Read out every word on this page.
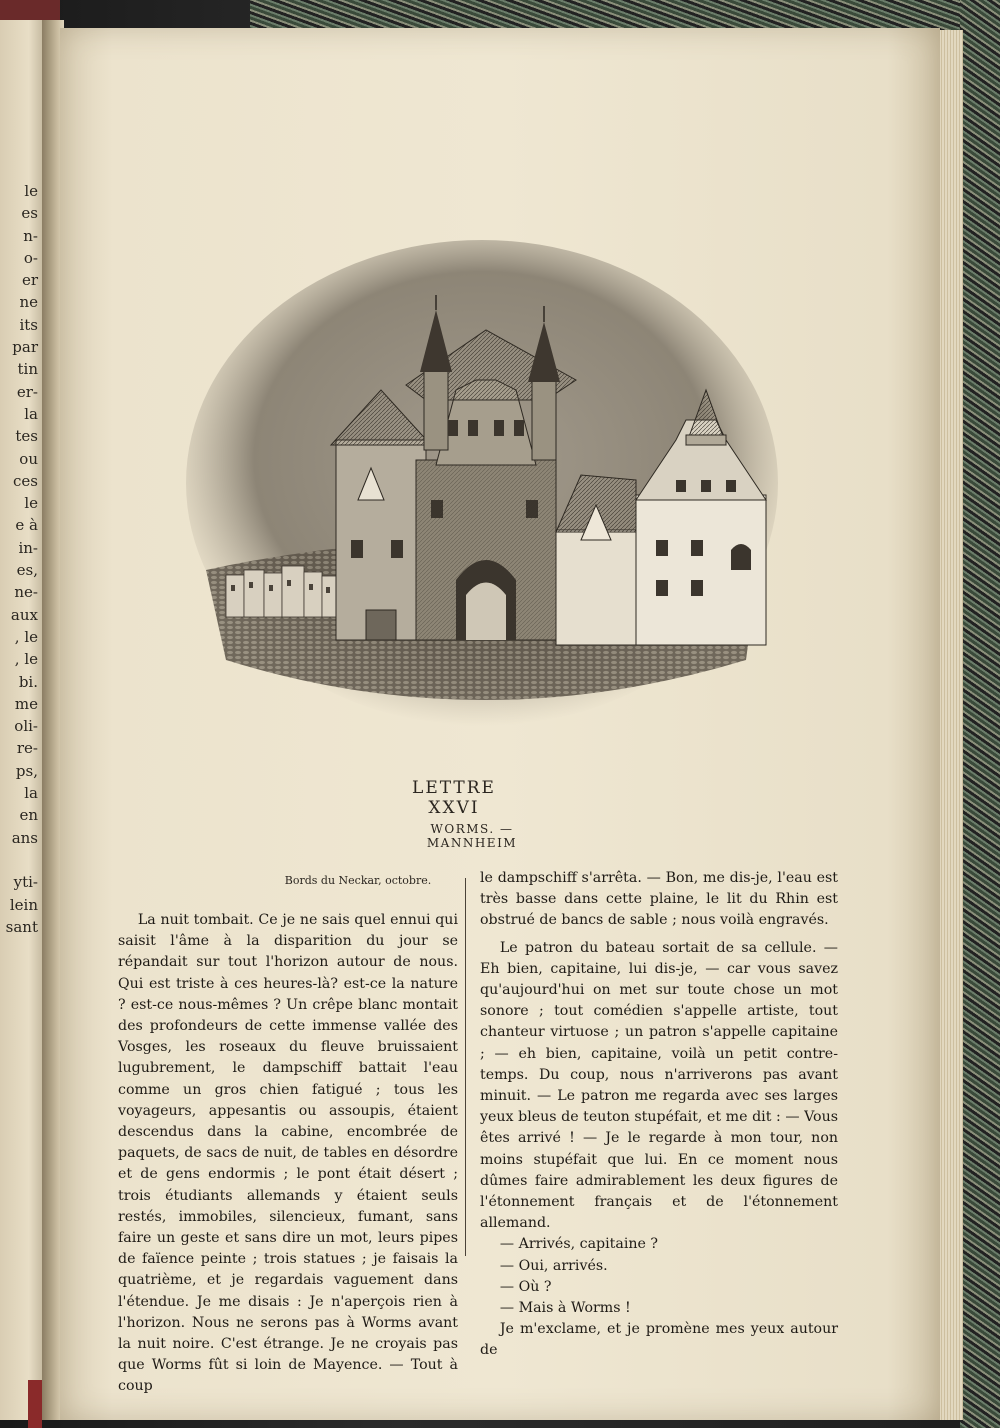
le
es
n-
o-
er
ne
its
par
tin
er-
la
tes
ou
ces
le
e à
in-
es,
ne-
aux
, le
, le
bi.
me
oli-
re-
ps,
la
en
ans
yti-
lein
sant
LETTRE XXVI
WORMS. — MANNHEIM
Bords du Neckar, octobre.

La nuit tombait. Ce je ne sais quel ennui qui saisit l'âme à la disparition du jour se répandait sur tout l'horizon autour de nous. Qui est triste à ces heures-là? est-ce la nature ? est-ce nous-mêmes ? Un crêpe blanc montait des profondeurs de cette immense vallée des Vosges, les roseaux du fleuve bruissaient lugubrement, le dampschiff battait l'eau comme un gros chien fatigué ; tous les voyageurs, appesantis ou assoupis, étaient descendus dans la cabine, encombrée de paquets, de sacs de nuit, de tables en désordre et de gens endormis ; le pont était désert ; trois étudiants allemands y étaient seuls restés, immobiles, silencieux, fumant, sans faire un geste et sans dire un mot, leurs pipes de faïence peinte ; trois statues ; je faisais la quatrième, et je regardais vaguement dans l'étendue. Je me disais : Je n'aperçois rien à l'horizon. Nous ne serons pas à Worms avant la nuit noire. C'est étrange. Je ne croyais pas que Worms fût si loin de Mayence. — Tout à coup

le dampschiff s'arrêta. — Bon, me dis-je, l'eau est très basse dans cette plaine, le lit du Rhin est obstrué de bancs de sable ; nous voilà engravés.

Le patron du bateau sortait de sa cellule. — Eh bien, capitaine, lui dis-je, — car vous savez qu'aujourd'hui on met sur toute chose un mot sonore ; tout comédien s'appelle artiste, tout chanteur virtuose ; un patron s'appelle capitaine ; — eh bien, capitaine, voilà un petit contre-temps. Du coup, nous n'arriverons pas avant minuit. — Le patron me regarda avec ses larges yeux bleus de teuton stupéfait, et me dit : — Vous êtes arrivé ! — Je le regarde à mon tour, non moins stupéfait que lui. En ce moment nous dûmes faire admirablement les deux figures de l'étonnement français et de l'étonnement allemand.

— Arrivés, capitaine ?

— Oui, arrivés.

— Où ?

— Mais à Worms !

Je m'exclame, et je promène mes yeux autour de
